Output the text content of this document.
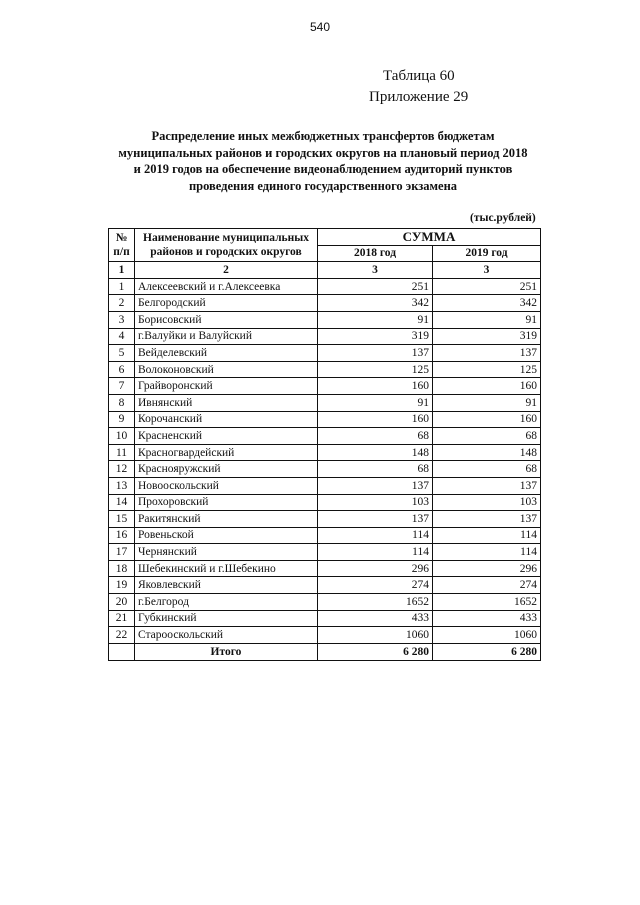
540
Таблица 60
Приложение 29
Распределение иных межбюджетных трансфертов бюджетам
муниципальных районов и городских округов на плановый период 2018
и 2019 годов на обеспечение видеонаблюдением аудиторий пунктов
проведения единого государственного экзамена
(тыс.рублей)
№ п/п	Наименование муниципальных районов и городских округов	СУММА	
		2018 год	2019 год
1	2	3	3
1	Алексеевский и г.Алексеевка	251	251
2	Белгородский	342	342
3	Борисовский	91	91
4	г.Валуйки и Валуйский	319	319
5	Вейделевский	137	137
6	Волоконовский	125	125
7	Грайворонский	160	160
8	Ивнянский	91	91
9	Корочанский	160	160
10	Красненский	68	68
11	Красногвардейский	148	148
12	Краснояружский	68	68
13	Новооскольский	137	137
14	Прохоровский	103	103
15	Ракитянский	137	137
16	Ровеньской	114	114
17	Чернянский	114	114
18	Шебекинский и г.Шебекино	296	296
19	Яковлевский	274	274
20	г.Белгород	1652	1652
21	Губкинский	433	433
22	Старооскольский	1060	1060
	Итого	6 280	6 280
